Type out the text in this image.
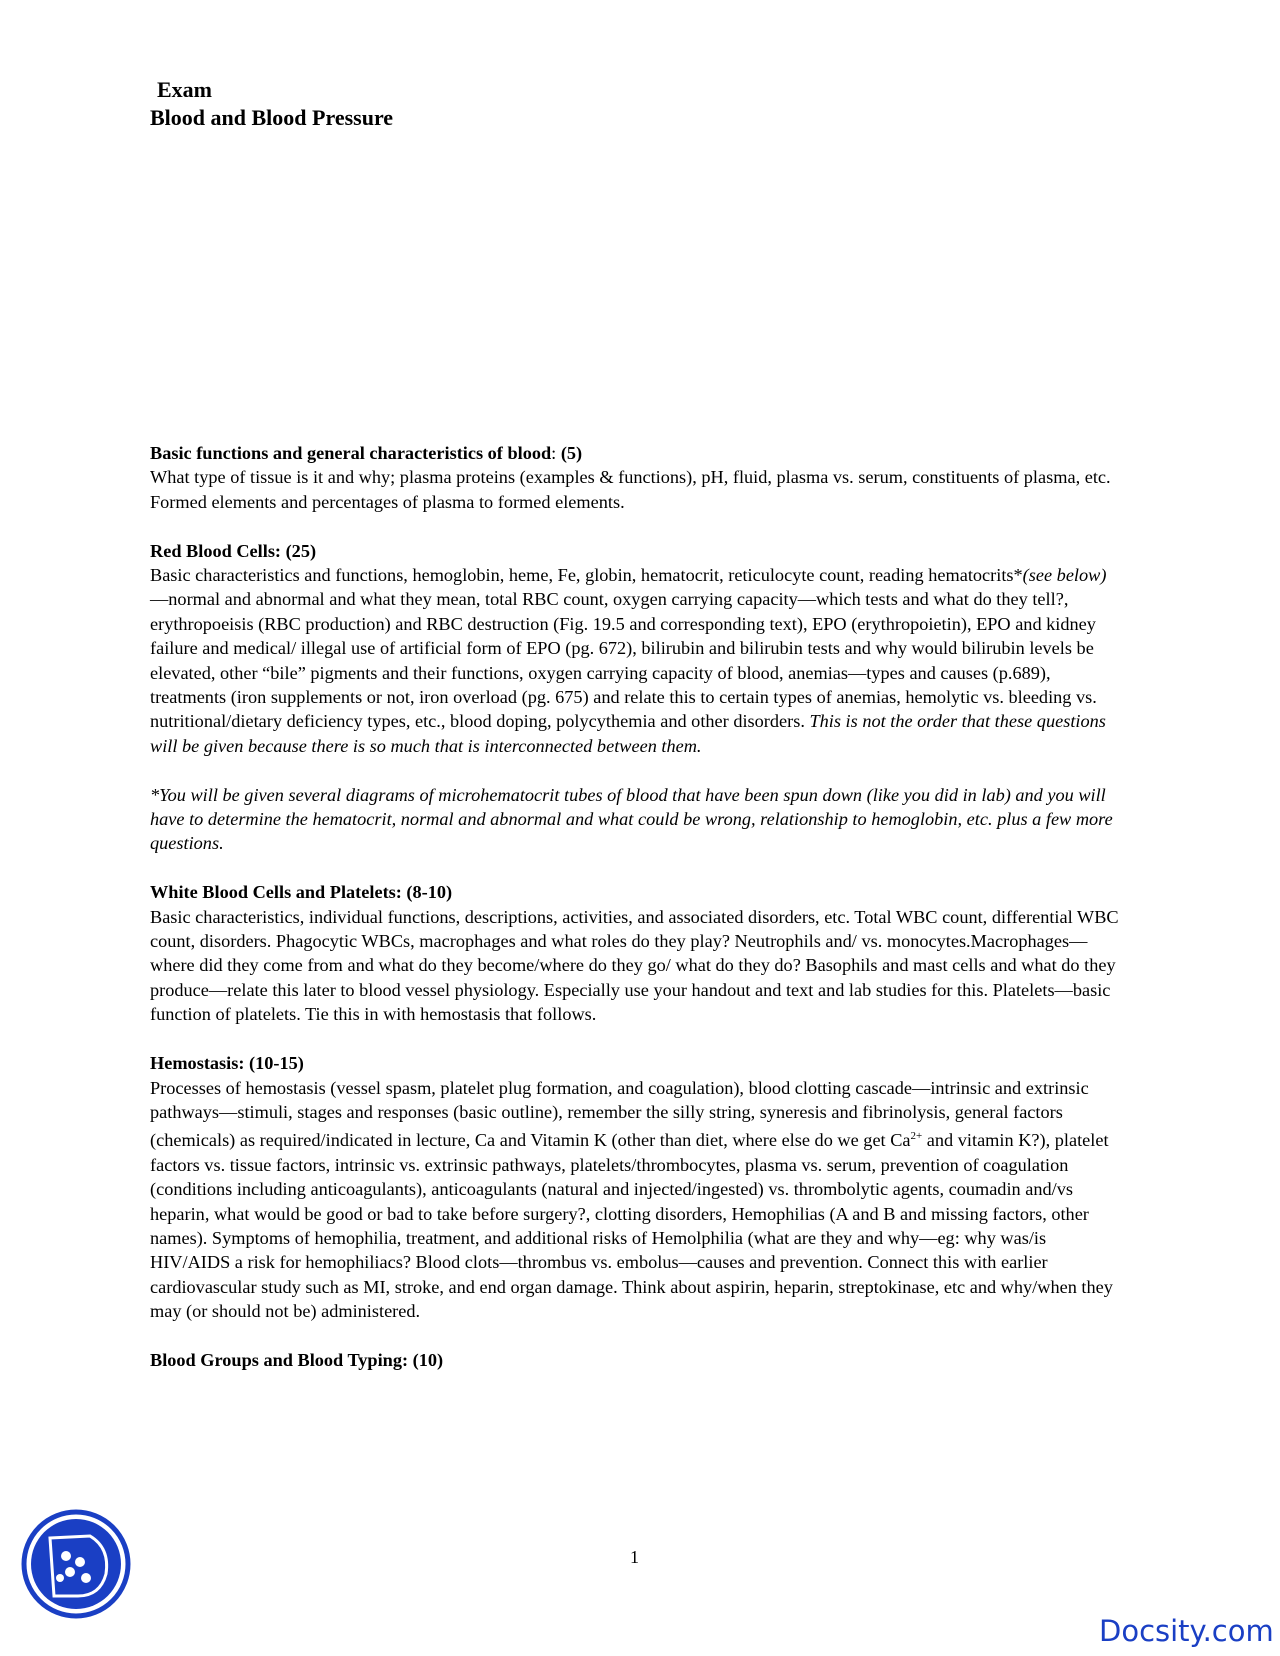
Exam
Blood and Blood Pressure
Basic functions and general characteristics of blood: (5)

What type of tissue is it and why; plasma proteins (examples & functions), pH, fluid, plasma vs. serum, constituents of plasma, etc. Formed elements and percentages of plasma to formed elements.

Red Blood Cells: (25)

Basic characteristics and functions, hemoglobin, heme, Fe, globin, hematocrit, reticulocyte count, reading hematocrits*(see below)—normal and abnormal and what they mean, total RBC count, oxygen carrying capacity—which tests and what do they tell?, erythropoeisis (RBC production) and RBC destruction (Fig. 19.5 and corresponding text), EPO (erythropoietin), EPO and kidney failure and medical/ illegal use of artificial form of EPO (pg. 672), bilirubin and bilirubin tests and why would bilirubin levels be elevated, other “bile” pigments and their functions, oxygen carrying capacity of blood, anemias—types and causes (p.689), treatments (iron supplements or not, iron overload (pg. 675) and relate this to certain types of anemias, hemolytic vs. bleeding vs. nutritional/dietary deficiency types, etc., blood doping, polycythemia and other disorders. This is not the order that these questions will be given because there is so much that is interconnected between them.

*You will be given several diagrams of microhematocrit tubes of blood that have been spun down (like you did in lab) and you will have to determine the hematocrit, normal and abnormal and what could be wrong, relationship to hemoglobin, etc. plus a few more questions.

White Blood Cells and Platelets: (8-10)

Basic characteristics, individual functions, descriptions, activities, and associated disorders, etc. Total WBC count, differential WBC count, disorders. Phagocytic WBCs, macrophages and what roles do they play? Neutrophils and/ vs. monocytes.Macrophages—where did they come from and what do they become/where do they go/ what do they do? Basophils and mast cells and what do they produce—relate this later to blood vessel physiology. Especially use your handout and text and lab studies for this. Platelets—basic function of platelets. Tie this in with hemostasis that follows.

Hemostasis: (10-15)

Processes of hemostasis (vessel spasm, platelet plug formation, and coagulation), blood clotting cascade—intrinsic and extrinsic pathways—stimuli, stages and responses (basic outline), remember the silly string, syneresis and fibrinolysis, general factors (chemicals) as required/indicated in lecture, Ca and Vitamin K (other than diet, where else do we get $Ca^{2+}$ and vitamin K?), platelet factors vs. tissue factors, intrinsic vs. extrinsic pathways, platelets/thrombocytes, plasma vs. serum, prevention of coagulation (conditions including anticoagulants), anticoagulants (natural and injected/ingested) vs. thrombolytic agents, coumadin and/vs heparin, what would be good or bad to take before surgery?, clotting disorders, Hemophilias (A and B and missing factors, other names). Symptoms of hemophilia, treatment, and additional risks of Hemolphilia (what are they and why—eg: why was/is HIV/AIDS a risk for hemophiliacs? Blood clots—thrombus vs. embolus—causes and prevention. Connect this with earlier cardiovascular study such as MI, stroke, and end organ damage. Think about aspirin, heparin, streptokinase, etc and why/when they may (or should not be) administered.

Blood Groups and Blood Typing: (10)
1
Docsity.com
